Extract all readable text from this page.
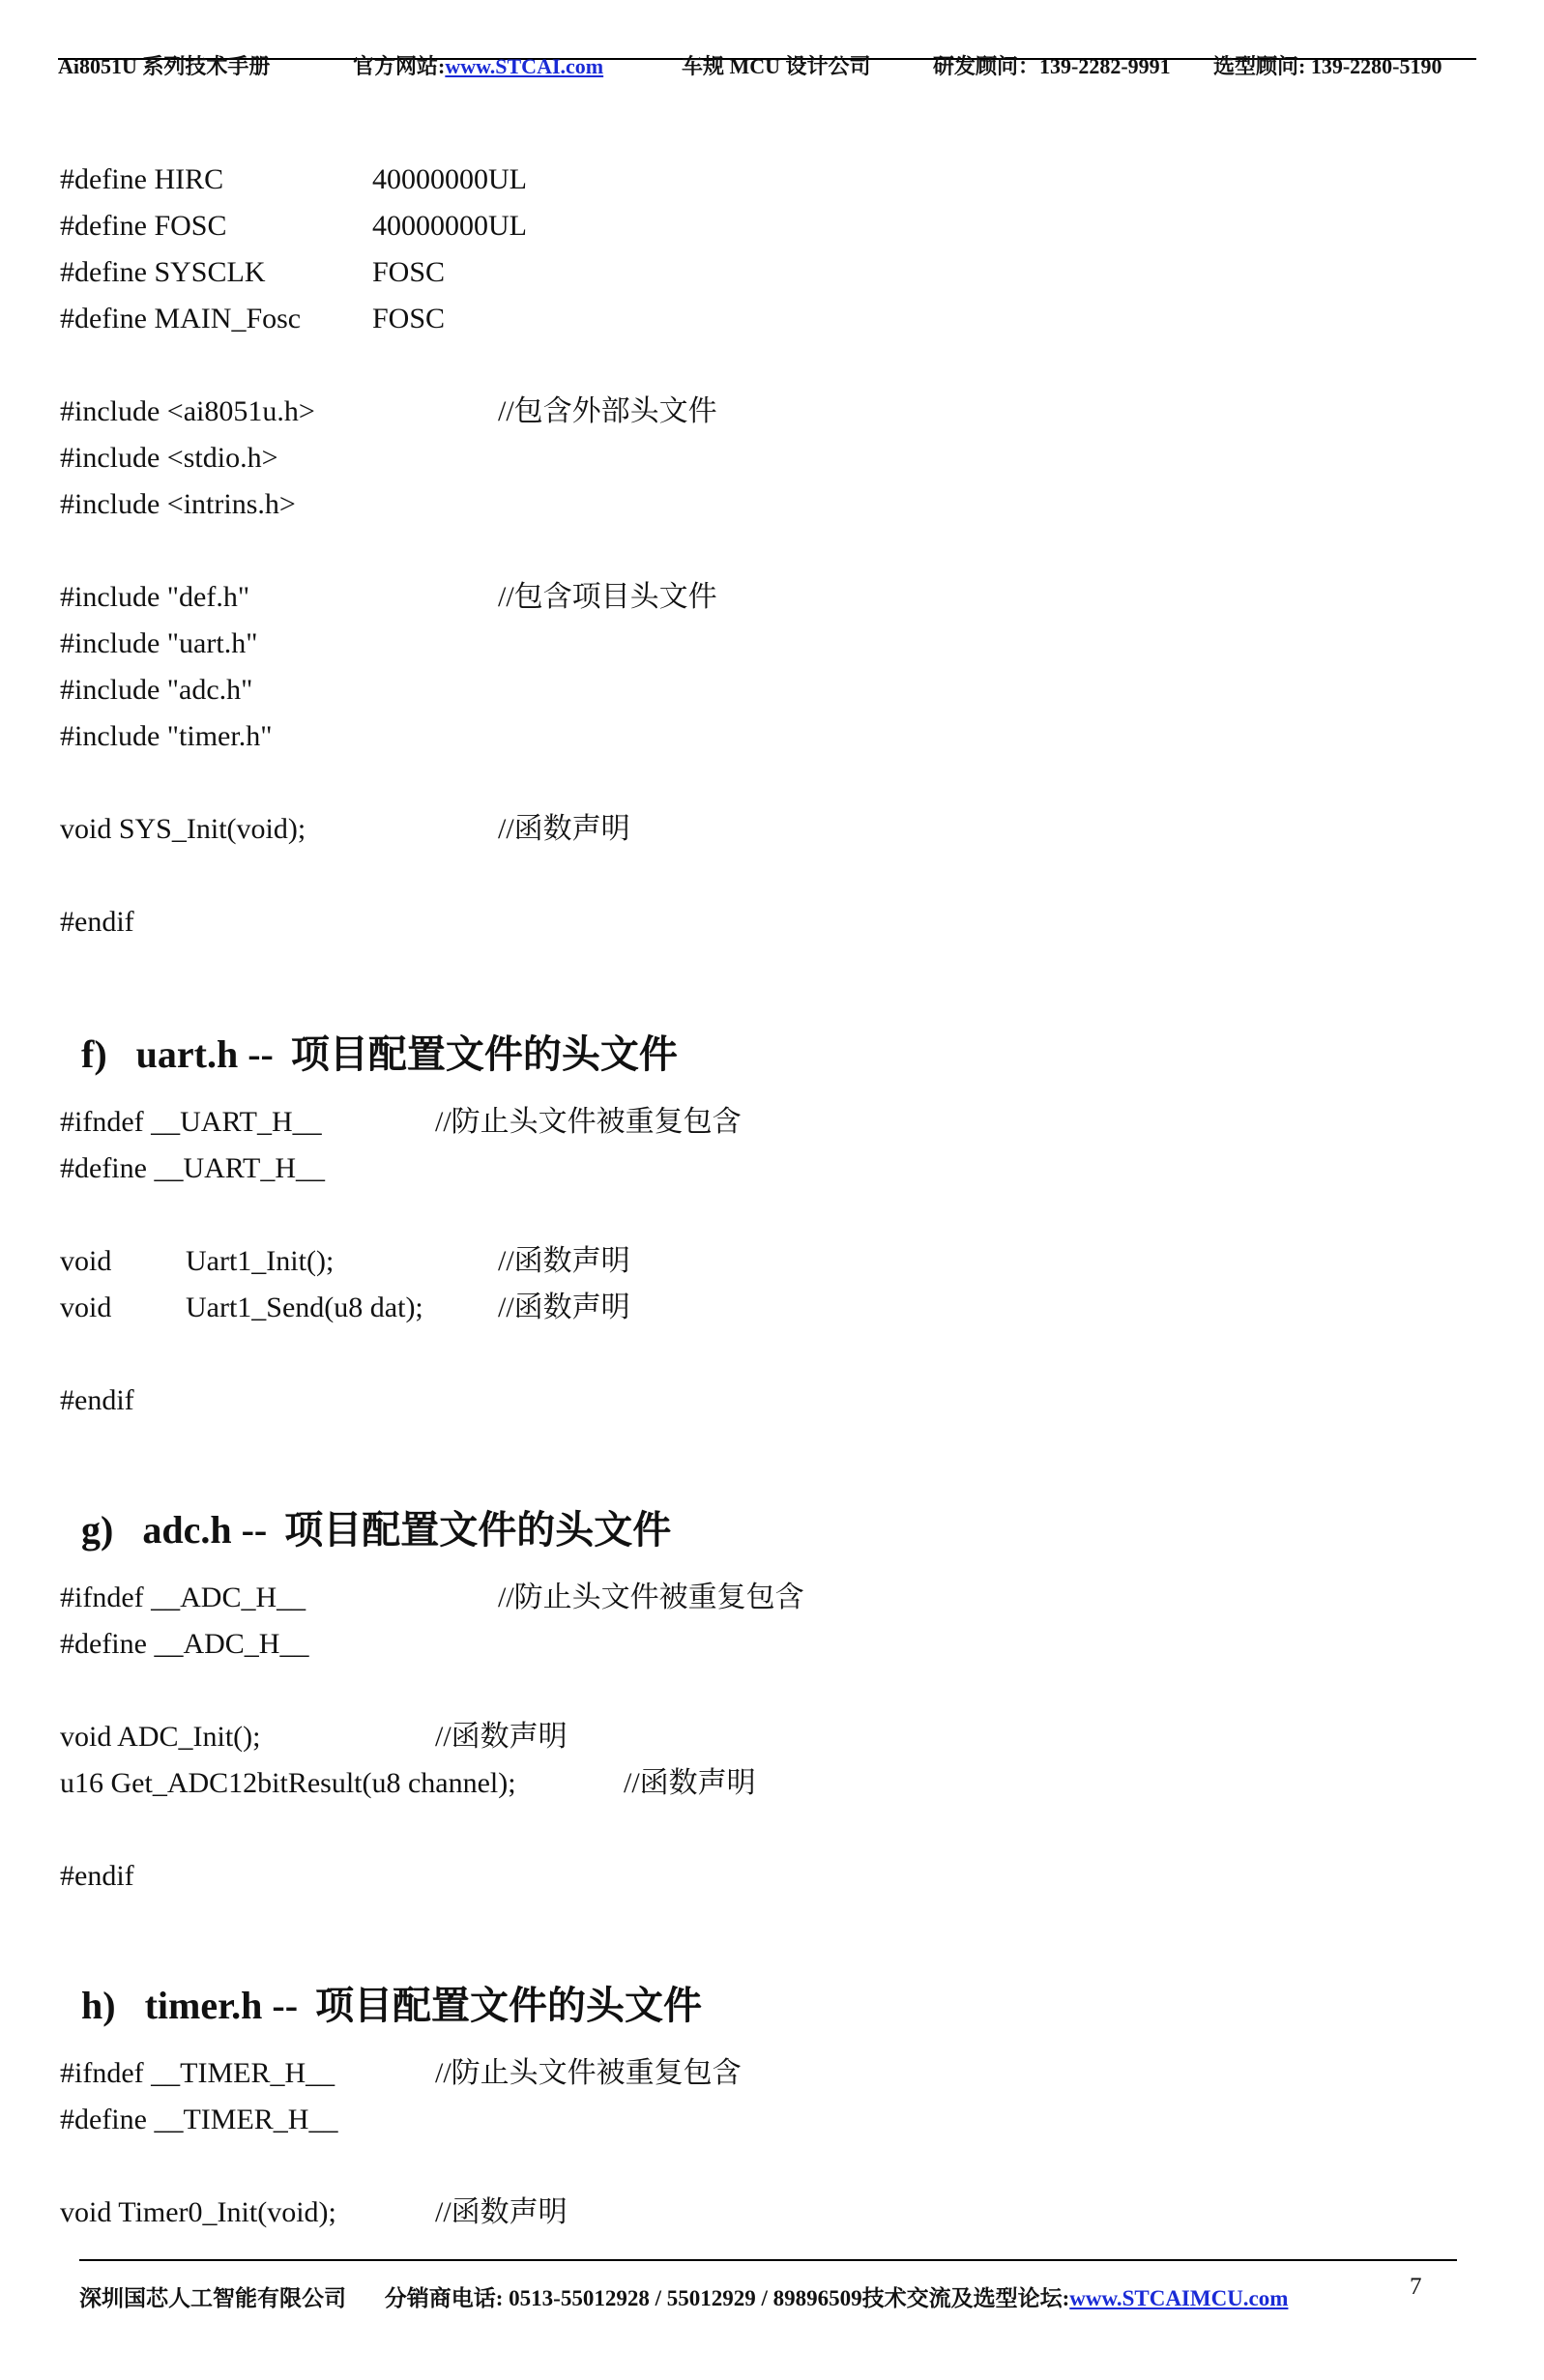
Ai8051U 系列技术手册	官方网站:www.STCAI.com	车规 MCU 设计公司	研发顾问：139-2282-9991 选型顾问: 139-2280-5190
#define HIRC	40000000UL
#define FOSC	40000000UL
#define SYSCLK	FOSC
#define MAIN_Fosc FOSC
#include <ai8051u.h>	//包含外部头文件
#include <stdio.h>
#include <intrins.h>
#include "def.h"	//包含项目头文件
#include "uart.h"
#include "adc.h"
#include "timer.h"
void SYS_Init(void);	//函数声明
#endif
f) uart.h -- 项目配置文件的头文件
#ifndef __UART_H__	//防止头文件被重复包含
#define __UART_H__
void	Uart1_Init();	//函数声明
void	Uart1_Send(u8 dat);	//函数声明
#endif
g) adc.h -- 项目配置文件的头文件
#ifndef __ADC_H__	//防止头文件被重复包含
#define __ADC_H__
void ADC_Init();	//函数声明
u16 Get_ADC12bitResult(u8 channel);	//函数声明
#endif
h) timer.h -- 项目配置文件的头文件
#ifndef __TIMER_H__	//防止头文件被重复包含
#define __TIMER_H__
void Timer0_Init(void);	//函数声明
深圳国芯人工智能有限公司 分销商电话: 0513-55012928 / 55012929 / 89896509技术交流及选型论坛:www.STCAIMCU.com	7
